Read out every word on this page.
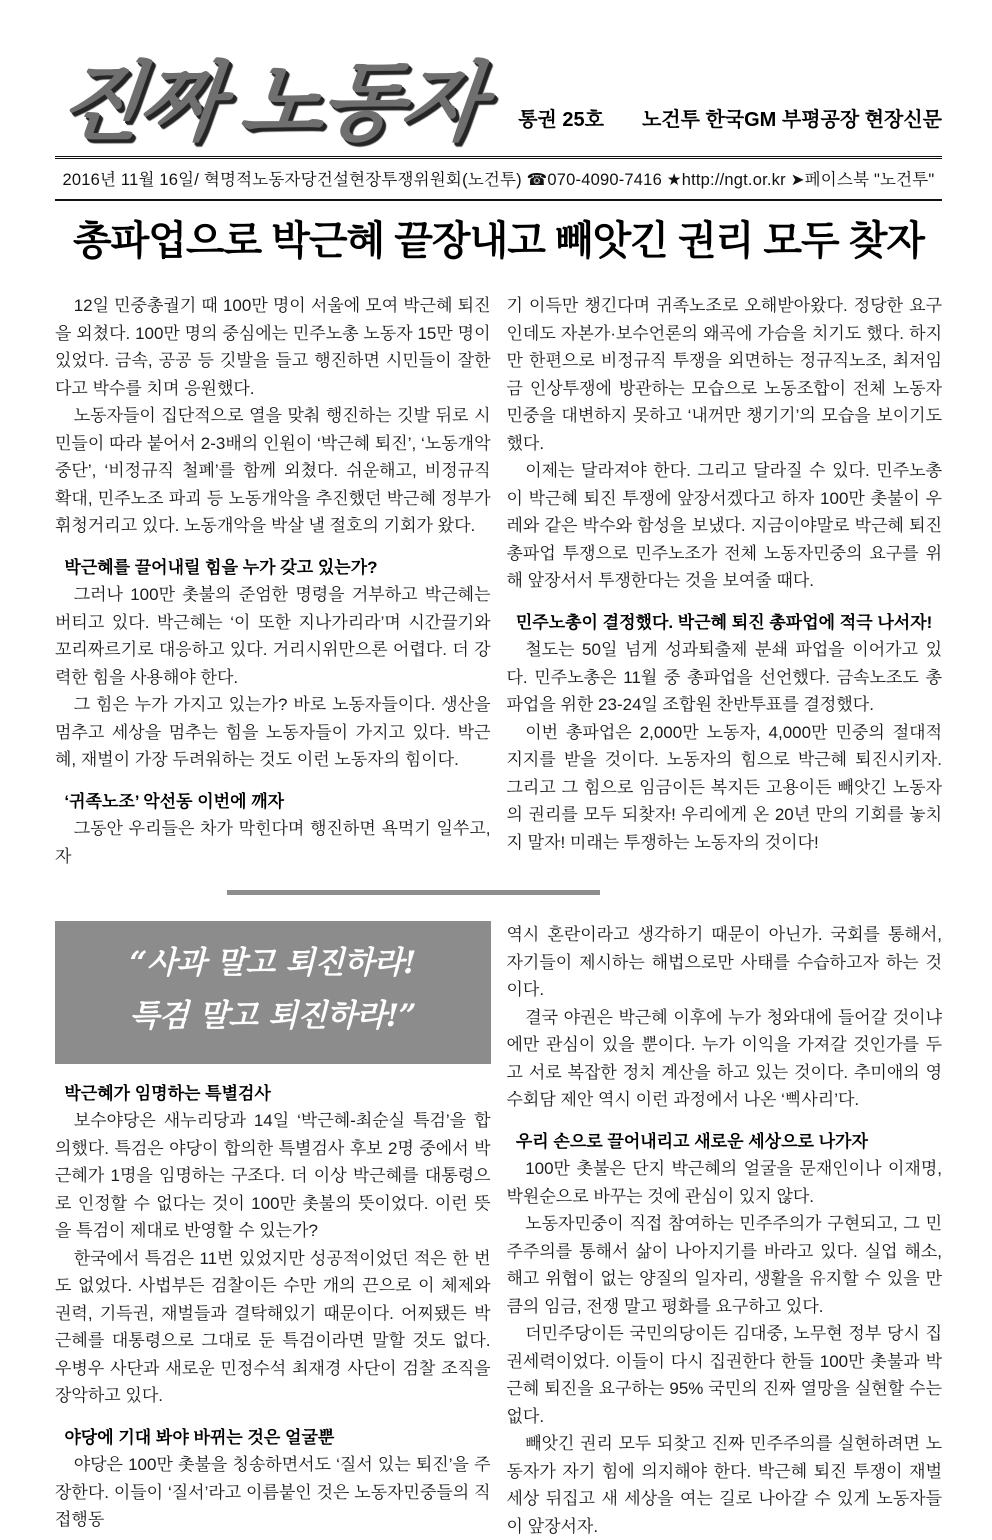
진짜 노동자 통권 25호 노건투 한국GM 부평공장 현장신문
2016년 11월 16일/ 혁명적노동자당건설현장투쟁위원회(노건투) ☎070-4090-7416 ★http://ngt.or.kr ➤페이스북 "노건투"
총파업으로 박근혜 끝장내고 빼앗긴 권리 모두 찾자

12일 민중총궐기 때 100만 명이 서울에 모여 박근혜 퇴진을 외쳤다. 100만 명의 중심에는 민주노총 노동자 15만 명이 있었다. 금속, 공공 등 깃발을 들고 행진하면 시민들이 잘한다고 박수를 치며 응원했다.

노동자들이 집단적으로 열을 맞춰 행진하는 깃발 뒤로 시민들이 따라 붙어서 2-3배의 인원이 ‘박근혜 퇴진’, ‘노동개악 중단’, ‘비정규직 철폐’를 함께 외쳤다. 쉬운해고, 비정규직 확대, 민주노조 파괴 등 노동개악을 추진했던 박근혜 정부가 휘청거리고 있다. 노동개악을 박살 낼 절호의 기회가 왔다.

박근혜를 끌어내릴 힘을 누가 갖고 있는가?

그러나 100만 촛불의 준엄한 명령을 거부하고 박근혜는 버티고 있다. 박근혜는 ‘이 또한 지나가리라’며 시간끌기와 꼬리짜르기로 대응하고 있다. 거리시위만으론 어렵다. 더 강력한 힘을 사용해야 한다.

그 힘은 누가 가지고 있는가? 바로 노동자들이다. 생산을 멈추고 세상을 멈추는 힘을 노동자들이 가지고 있다. 박근혜, 재벌이 가장 두려워하는 것도 이런 노동자의 힘이다.

‘귀족노조’ 악선동 이번에 깨자

그동안 우리들은 차가 막힌다며 행진하면 욕먹기 일쑤고, 자

기 이득만 챙긴다며 귀족노조로 오해받아왔다. 정당한 요구인데도 자본가·보수언론의 왜곡에 가슴을 치기도 했다. 하지만 한편으로 비정규직 투쟁을 외면하는 정규직노조, 최저임금 인상투쟁에 방관하는 모습으로 노동조합이 전체 노동자민중을 대변하지 못하고 ‘내꺼만 챙기기’의 모습을 보이기도 했다.

이제는 달라져야 한다. 그리고 달라질 수 있다. 민주노총이 박근혜 퇴진 투쟁에 앞장서겠다고 하자 100만 촛불이 우레와 같은 박수와 함성을 보냈다. 지금이야말로 박근혜 퇴진 총파업 투쟁으로 민주노조가 전체 노동자민중의 요구를 위해 앞장서서 투쟁한다는 것을 보여줄 때다.

민주노총이 결정했다. 박근혜 퇴진 총파업에 적극 나서자!

철도는 50일 넘게 성과퇴출제 분쇄 파업을 이어가고 있다. 민주노총은 11월 중 총파업을 선언했다. 금속노조도 총파업을 위한 23-24일 조합원 찬반투표를 결정했다.

이번 총파업은 2,000만 노동자, 4,000만 민중의 절대적 지지를 받을 것이다. 노동자의 힘으로 박근혜 퇴진시키자. 그리고 그 힘으로 임금이든 복지든 고용이든 빼앗긴 노동자의 권리를 모두 되찾자! 우리에게 온 20년 만의 기회를 놓치지 말자! 미래는 투쟁하는 노동자의 것이다!

“사과 말고 퇴진하라!
특검 말고 퇴진하라!”

박근혜가 임명하는 특별검사

보수야당은 새누리당과 14일 ‘박근혜-최순실 특검’을 합의했다. 특검은 야당이 합의한 특별검사 후보 2명 중에서 박근혜가 1명을 임명하는 구조다. 더 이상 박근혜를 대통령으로 인정할 수 없다는 것이 100만 촛불의 뜻이었다. 이런 뜻을 특검이 제대로 반영할 수 있는가?

한국에서 특검은 11번 있었지만 성공적이었던 적은 한 번도 없었다. 사법부든 검찰이든 수만 개의 끈으로 이 체제와 권력, 기득권, 재벌들과 결탁해있기 때문이다. 어찌됐든 박근혜를 대통령으로 그대로 둔 특검이라면 말할 것도 없다. 우병우 사단과 새로운 민정수석 최재경 사단이 검찰 조직을 장악하고 있다.

야당에 기대 봐야 바뀌는 것은 얼굴뿐

야당은 100만 촛불을 칭송하면서도 ‘질서 있는 퇴진’을 주장한다. 이들이 ‘질서’라고 이름붙인 것은 노동자민중들의 직접행동

역시 혼란이라고 생각하기 때문이 아닌가. 국회를 통해서, 자기들이 제시하는 해법으로만 사태를 수습하고자 하는 것이다.

결국 야권은 박근혜 이후에 누가 청와대에 들어갈 것이냐에만 관심이 있을 뿐이다. 누가 이익을 가져갈 것인가를 두고 서로 복잡한 정치 계산을 하고 있는 것이다. 추미애의 영수회담 제안 역시 이런 과정에서 나온 ‘삑사리’다.

우리 손으로 끌어내리고 새로운 세상으로 나가자

100만 촛불은 단지 박근혜의 얼굴을 문재인이나 이재명, 박원순으로 바꾸는 것에 관심이 있지 않다.

노동자민중이 직접 참여하는 민주주의가 구현되고, 그 민주주의를 통해서 삶이 나아지기를 바라고 있다. 실업 해소, 해고 위협이 없는 양질의 일자리, 생활을 유지할 수 있을 만큼의 임금, 전쟁 말고 평화를 요구하고 있다.

더민주당이든 국민의당이든 김대중, 노무현 정부 당시 집권세력이었다. 이들이 다시 집권한다 한들 100만 촛불과 박근혜 퇴진을 요구하는 95% 국민의 진짜 열망을 실현할 수는 없다.

빼앗긴 권리 모두 되찾고 진짜 민주주의를 실현하려면 노동자가 자기 힘에 의지해야 한다. 박근혜 퇴진 투쟁이 재벌 세상 뒤집고 새 세상을 여는 길로 나아갈 수 있게 노동자들이 앞장서자.
